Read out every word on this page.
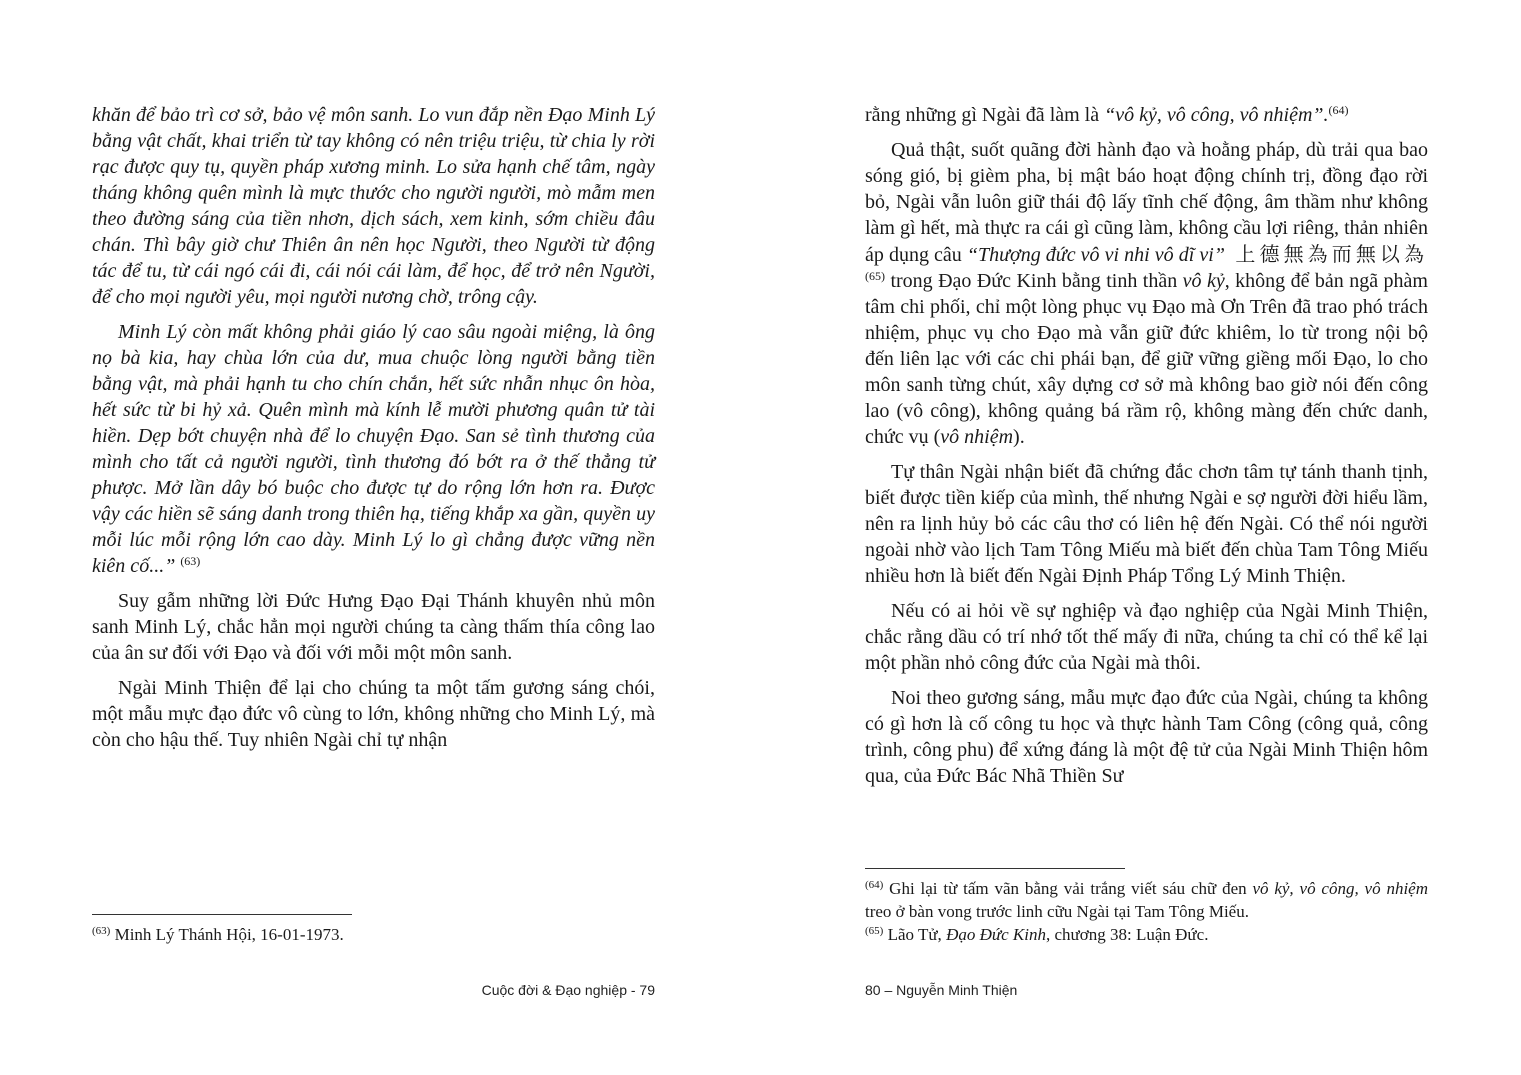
khăn để bảo trì cơ sở, bảo vệ môn sanh. Lo vun đắp nền Đạo Minh Lý bằng vật chất, khai triển từ tay không có nên triệu triệu, từ chia ly rời rạc được quy tụ, quyền pháp xương minh. Lo sửa hạnh chế tâm, ngày tháng không quên mình là mực thước cho người người, mò mẫm men theo đường sáng của tiền nhơn, dịch sách, xem kinh, sớm chiều đâu chán. Thì bây giờ chư Thiên ân nên học Người, theo Người từ động tác để tu, từ cái ngó cái đi, cái nói cái làm, để học, để trở nên Người, để cho mọi người yêu, mọi người nương chờ, trông cậy.

Minh Lý còn mất không phải giáo lý cao sâu ngoài miệng, là ông nọ bà kia, hay chùa lớn của dư, mua chuộc lòng người bằng tiền bằng vật, mà phải hạnh tu cho chín chắn, hết sức nhẫn nhục ôn hòa, hết sức từ bi hỷ xả. Quên mình mà kính lễ mười phương quân tử tài hiền. Dẹp bớt chuyện nhà để lo chuyện Đạo. San sẻ tình thương của mình cho tất cả người người, tình thương đó bớt ra ở thế thẳng tử phược. Mở lần dây bó buộc cho được tự do rộng lớn hơn ra. Được vậy các hiền sẽ sáng danh trong thiên hạ, tiếng khắp xa gần, quyền uy mỗi lúc mỗi rộng lớn cao dày. Minh Lý lo gì chẳng được vững nền kiên cố...” $^{(63)}$

Suy gẫm những lời Đức Hưng Đạo Đại Thánh khuyên nhủ môn sanh Minh Lý, chắc hẳn mọi người chúng ta càng thấm thía công lao của ân sư đối với Đạo và đối với mỗi một môn sanh.

Ngài Minh Thiện để lại cho chúng ta một tấm gương sáng chói, một mẫu mực đạo đức vô cùng to lớn, không những cho Minh Lý, mà còn cho hậu thế. Tuy nhiên Ngài chỉ tự nhận

$^{(63)}$ Minh Lý Thánh Hội, 16-01-1973.

Cuộc đời & Đạo nghiệp - 79

rằng những gì Ngài đã làm là “vô kỷ, vô công, vô nhiệm”.$^{(64)}$

Quả thật, suốt quãng đời hành đạo và hoằng pháp, dù trải qua bao sóng gió, bị gièm pha, bị mật báo hoạt động chính trị, đồng đạo rời bỏ, Ngài vẫn luôn giữ thái độ lấy tĩnh chế động, âm thầm như không làm gì hết, mà thực ra cái gì cũng làm, không cầu lợi riêng, thản nhiên áp dụng câu “Thượng đức vô vi nhi vô dĩ vi” 上德無為而無以為$^{(65)}$ trong Đạo Đức Kinh bằng tinh thần vô kỷ, không để bản ngã phàm tâm chi phối, chỉ một lòng phục vụ Đạo mà Ơn Trên đã trao phó trách nhiệm, phục vụ cho Đạo mà vẫn giữ đức khiêm, lo từ trong nội bộ đến liên lạc với các chi phái bạn, để giữ vững giềng mối Đạo, lo cho môn sanh từng chút, xây dựng cơ sở mà không bao giờ nói đến công lao (vô công), không quảng bá rầm rộ, không màng đến chức danh, chức vụ (vô nhiệm).

Tự thân Ngài nhận biết đã chứng đắc chơn tâm tự tánh thanh tịnh, biết được tiền kiếp của mình, thế nhưng Ngài e sợ người đời hiểu lầm, nên ra lịnh hủy bỏ các câu thơ có liên hệ đến Ngài. Có thể nói người ngoài nhờ vào lịch Tam Tông Miếu mà biết đến chùa Tam Tông Miếu nhiều hơn là biết đến Ngài Định Pháp Tổng Lý Minh Thiện.

Nếu có ai hỏi về sự nghiệp và đạo nghiệp của Ngài Minh Thiện, chắc rằng dầu có trí nhớ tốt thế mấy đi nữa, chúng ta chỉ có thể kể lại một phần nhỏ công đức của Ngài mà thôi.

Noi theo gương sáng, mẫu mực đạo đức của Ngài, chúng ta không có gì hơn là cố công tu học và thực hành Tam Công (công quả, công trình, công phu) để xứng đáng là một đệ tử của Ngài Minh Thiện hôm qua, của Đức Bác Nhã Thiền Sư

$^{(64)}$ Ghi lại từ tấm vãn bằng vải trắng viết sáu chữ đen vô kỷ, vô công, vô nhiệm treo ở bàn vong trước linh cữu Ngài tại Tam Tông Miếu.

$^{(65)}$ Lão Tử, Đạo Đức Kinh, chương 38: Luận Đức.

80 – Nguyễn Minh Thiện
